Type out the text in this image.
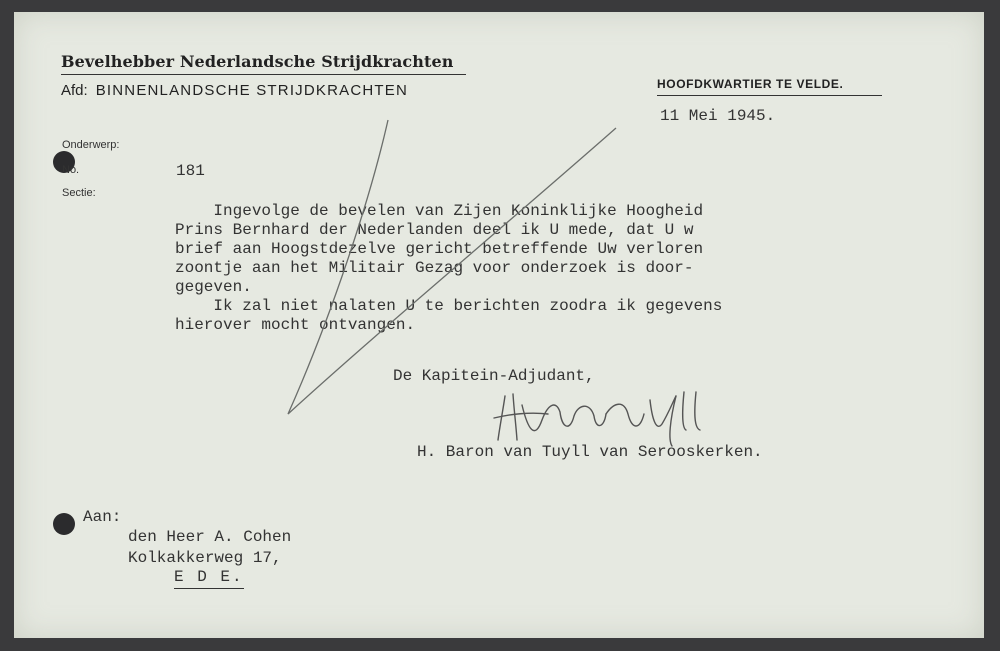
Bevelhebber Nederlandsche Strijdkrachten
Afd: BINNENLANDSCHE STRIJDKRACHTEN	HOOFDKWARTIER TE VELDE.
11 Mei 1945.
Onderwerp:
No.
Sectie:
181
Ingevolge de bevelen van Zijen Koninklijke Hoogheid
Prins Bernhard der Nederlanden deel ik U mede, dat U w
brief aan Hoogstdezelve gericht betreffende Uw verloren
zoontje aan het Militair Gezag voor onderzoek is door-
gegeven.
Ik zal niet nalaten U te berichten zoodra ik gegevens
hierover mocht ontvangen.
De Kapitein-Adjudant,
H. Baron van Tuyll van Serooskerken.
Aan:
den Heer A. Cohen
Kolkakkerweg 17,
E D E.
